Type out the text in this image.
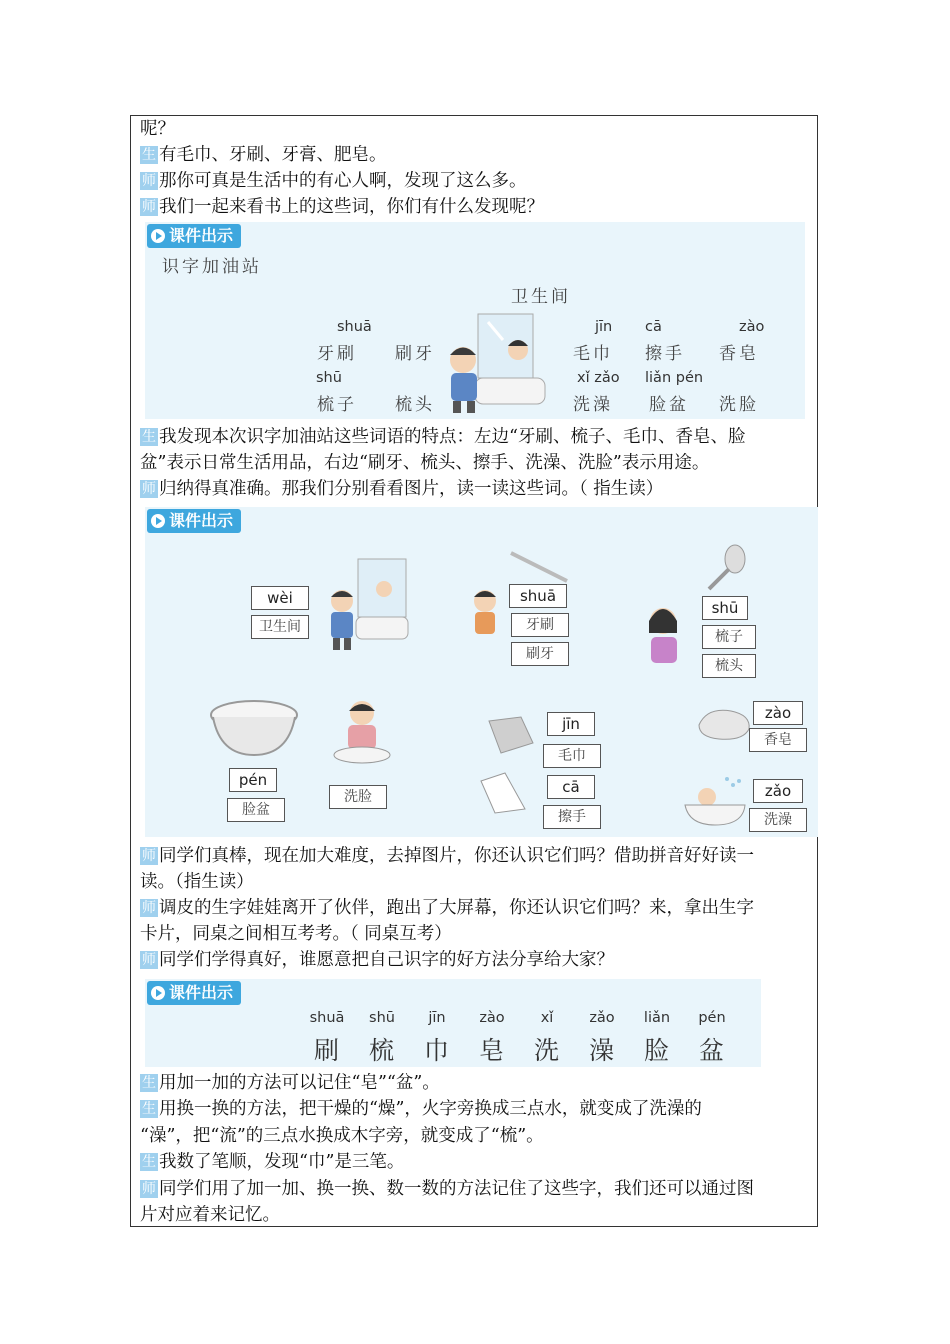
呢？
生 有毛巾、牙刷、牙膏、肥皂。
师 那你可真是生活中的有心人啊，发现了这么多。
师 我们一起来看书上的这些词，你们有什么发现呢？
课件出示
识字加油站
卫生间
shuā
牙刷 刷牙
shū
梳子 梳头
jīn cā	zào
毛巾 擦手 香皂
xǐ zǎo liǎn pén
洗澡 脸盆 洗脸
生 我发现本次识字加油站这些词语的特点：左边“牙刷、梳子、毛巾、香皂、脸
盆”表示日常生活用品，右边“刷牙、梳头、擦手、洗澡、洗脸”表示用途。
师 归纳得真准确。那我们分别看看图片，读一读这些词。（ 指生读）
课件出示
wèi
卫生间
shuā
牙刷
刷牙
shū
梳子
梳头
pén
脸盆
洗脸
jīn
毛巾
cā
擦手
zào
香皂
zǎo
洗澡
师 同学们真棒，现在加大难度，去掉图片，你还认识它们吗？借助拼音好好读一
读。（指生读）
师 调皮的生字娃娃离开了伙伴，跑出了大屏幕，你还认识它们吗？来，拿出生字
卡片，同桌之间相互考考。（ 同桌互考）
师 同学们学得真好，谁愿意把自己识字的好方法分享给大家？
课件出示
shuā
刷
shū
梳
jīn
巾
zào
皂
xǐ
洗
zǎo
澡
liǎn
脸
pén
盆
生 用加一加的方法可以记住“皂”“盆”。
生 用换一换的方法，把干燥的“燥”，火字旁换成三点水，就变成了洗澡的
“澡”，把“流”的三点水换成木字旁，就变成了“梳”。
生 我数了笔顺，发现“巾”是三笔。
师 同学们用了加一加、换一换、数一数的方法记住了这些字，我们还可以通过图
片对应着来记忆。
